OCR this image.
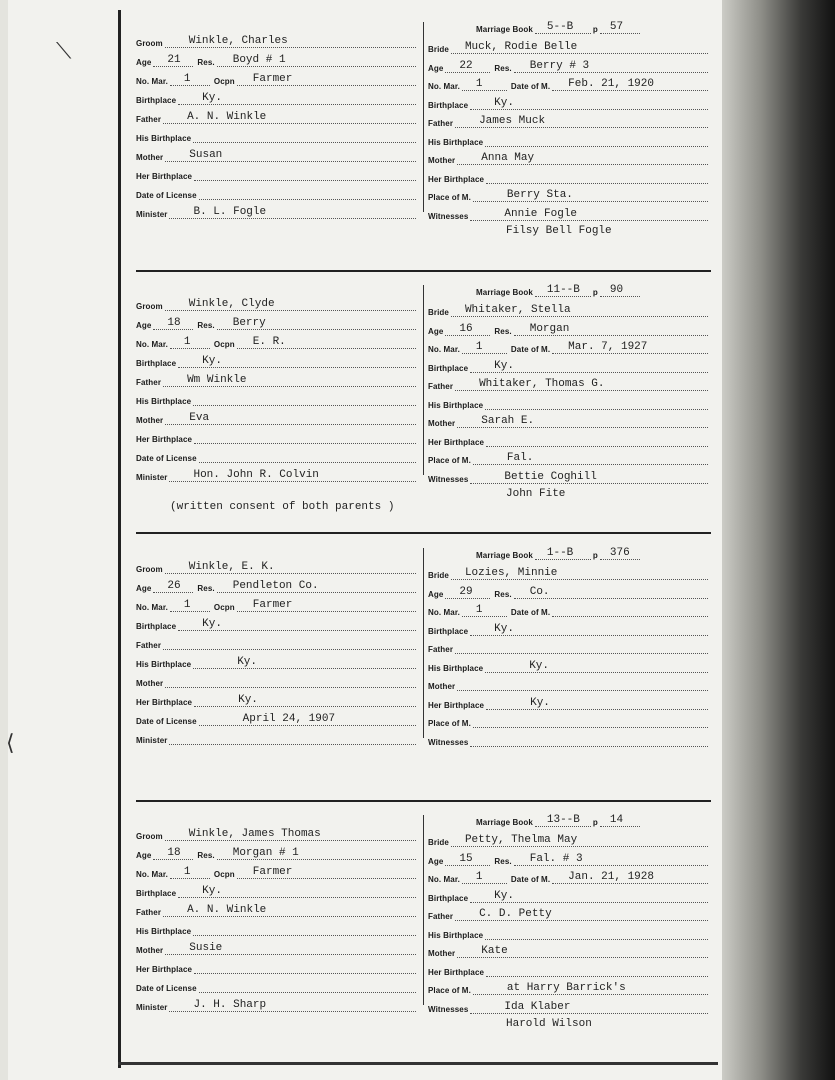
⟍
⟨
Groom Winkle, Charles
Age 21 Res. Boyd # 1
No. Mar. 1	Ocpn Farmer
Birthplace Ky.
Father A. N. Winkle
His Birthplace
Mother Susan
Her Birthplace
Date of License
Minister B. L. Fogle
Marriage Book 5--B p 57
Bride Muck, Rodie Belle
Age 22	Res. Berry # 3
No. Mar. 1	Date of M. Feb. 21, 1920
Birthplace Ky.
Father James Muck
His Birthplace
Mother Anna May
Her Birthplace
Place of M.	Berry Sta.
Witnesses	Annie Fogle
Filsy Bell Fogle
Groom Winkle, Clyde
Age 18 Res. Berry
No. Mar. 1	Ocpn E. R.
Birthplace Ky.
Father Wm Winkle
His Birthplace
Mother Eva
Her Birthplace
Date of License
Minister Hon. John R. Colvin
Marriage Book 11--B p 90
Bride Whitaker, Stella
Age 16	Res. Morgan
No. Mar. 1	Date of M. Mar. 7, 1927
Birthplace Ky.
Father Whitaker, Thomas G.
His Birthplace
Mother Sarah E.
Her Birthplace
Place of M.	Fal.
Witnesses	Bettie Coghill
John Fite
(written consent of both parents )
Groom Winkle, E. K.
Age 26 Res. Pendleton Co.
No. Mar. 1	Ocpn Farmer
Birthplace Ky.
Father
His Birthplace	Ky.
Mother
Her Birthplace	Ky.
Date of License	April 24, 1907
Minister
Marriage Book 1--B p 376
Bride Lozies, Minnie
Age 29	Res. Co.
No. Mar. 1	Date of M.
Birthplace Ky.
Father
His Birthplace	Ky.
Mother
Her Birthplace	Ky.
Place of M.
Witnesses
Groom Winkle, James Thomas
Age 18 Res. Morgan # 1
No. Mar. 1	Ocpn Farmer
Birthplace Ky.
Father A. N. Winkle
His Birthplace
Mother Susie
Her Birthplace
Date of License
Minister J. H. Sharp
Marriage Book 13--B p 14
Bride Petty, Thelma May
Age 15	Res. Fal. # 3
No. Mar. 1	Date of M. Jan. 21, 1928
Birthplace Ky.
Father C. D. Petty
His Birthplace
Mother Kate
Her Birthplace
Place of M.	at Harry Barrick's
Witnesses	Ida Klaber
Harold Wilson
